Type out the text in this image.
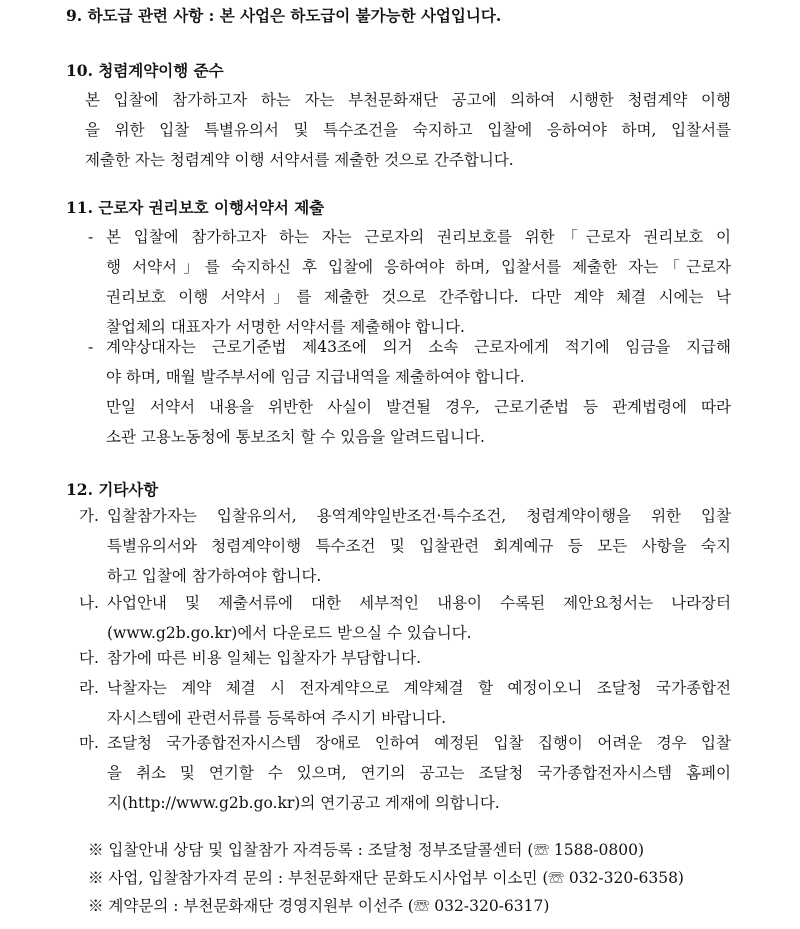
9. 하도급 관련 사항 : 본 사업은 하도급이 불가능한 사업입니다.
10. 청렴계약이행 준수
본 입찰에 참가하고자 하는 자는 부천문화재단 공고에 의하여 시행한 청렴계약 이행
을 위한 입찰 특별유의서 및 특수조건을 숙지하고 입찰에 응하여야 하며, 입찰서를
제출한 자는 청렴계약 이행 서약서를 제출한 것으로 간주합니다.
11. 근로자 권리보호 이행서약서 제출
- 본 입찰에 참가하고자 하는 자는 근로자의 권리보호를 위한「근로자 권리보호 이
행 서약서」를 숙지하신 후 입찰에 응하여야 하며, 입찰서를 제출한 자는「근로자
권리보호 이행 서약서」를 제출한 것으로 간주합니다. 다만 계약 체결 시에는 낙
찰업체의 대표자가 서명한 서약서를 제출해야 합니다.
- 계약상대자는 근로기준법 제43조에 의거 소속 근로자에게 적기에 임금을 지급해
야 하며, 매월 발주부서에 임금 지급내역을 제출하여야 합니다.
만일 서약서 내용을 위반한 사실이 발견될 경우, 근로기준법 등 관계법령에 따라
소관 고용노동청에 통보조치 할 수 있음을 알려드립니다.
12. 기타사항
가. 입찰참가자는 입찰유의서, 용역계약일반조건·특수조건, 청렴계약이행을 위한 입찰
특별유의서와 청렴계약이행 특수조건 및 입찰관련 회계예규 등 모든 사항을 숙지
하고 입찰에 참가하여야 합니다.
나. 사업안내 및 제출서류에 대한 세부적인 내용이 수록된 제안요청서는 나라장터
(www.g2b.go.kr)에서 다운로드 받으실 수 있습니다.
다. 참가에 따른 비용 일체는 입찰자가 부담합니다.
라. 낙찰자는 계약 체결 시 전자계약으로 계약체결 할 예정이오니 조달청 국가종합전
자시스템에 관련서류를 등록하여 주시기 바랍니다.
마. 조달청 국가종합전자시스템 장애로 인하여 예정된 입찰 집행이 어려운 경우 입찰
을 취소 및 연기할 수 있으며, 연기의 공고는 조달청 국가종합전자시스템 홈페이
지(http://www.g2b.go.kr)의 연기공고 게재에 의합니다.
※ 입찰안내 상담 및 입찰참가 자격등록 : 조달청 정부조달콜센터 (☏ 1588-0800)
※ 사업, 입찰참가자격 문의 : 부천문화재단 문화도시사업부 이소민 (☏ 032-320-6358)
※ 계약문의 : 부천문화재단 경영지원부 이선주 (☏ 032-320-6317)
